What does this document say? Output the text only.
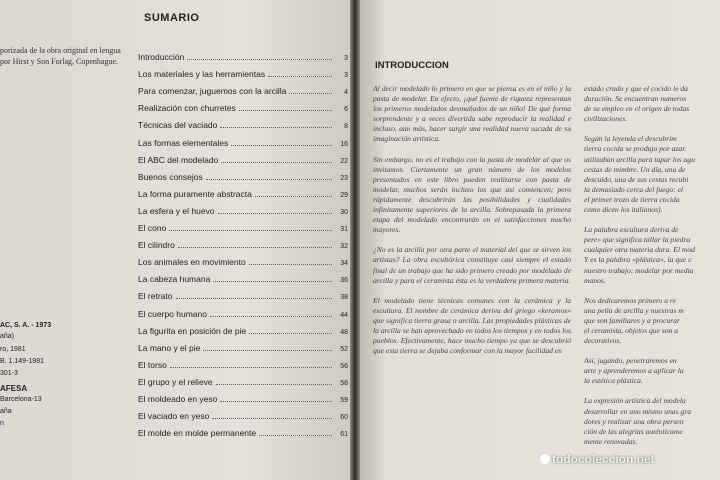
SUMARIO
porizada de la obra original en lengua
por Hirst y Son Forlag, Copenhague.
AC, S. A. - 1973
aña)
ro, 1981
B. 1.149-1981
301-3
AFESA
Barcelona-13
aña
n
Introducción	3
Los materiales y las herramientas	3
Para comenzar, juguemos con la arcilla	4
Realización con churretes	6
Técnicas del vaciado	8
Las formas elementales	16
El ABC del modelado	22
Buenos consejos	23
La forma puramente abstracta	29
La esfera y el huevo	30
El cono	31
El cilindro	32
Los animales en movimiento	34
La cabeza humana	36
El retrato	38
El cuerpo humano	44
La figurita en posición de pie	48
La mano y el pie	52
El torso	56
El grupo y el relieve	58
El moldeado en yeso	59
El vaciado en yeso	60
El molde en molde permanente	61
INTRODUCCION

Al decir modelado lo primero en que se piensa es en el niño y la pasta de modelar. En efecto, ¡qué fuente de riqueza representan los primeros modelados desmañados de un niño! De qué forma sorprendente y a veces divertida sabe reproducir la realidad e incluso, aún más, hacer surgir una realidad nueva sacada de su imaginación artística.

Sin embargo, no es el trabajo con la pasta de modelar al que os invitamos. Ciertamente un gran número de los modelos presentados en este libro pueden realizarse con pasta de modelar, muchos serán incluso los que así comiencen; pero rápidamente descubrirán las posibilidades y cualidades infinitamente superiores de la arcilla. Sobrepasada la primera etapa del modelado encontrarán en el satisfacciones mucho mayores.

¿No es la arcilla por otra parte el material del que se sirven los artistas? La obra escultórica constituye casi siempre el estado final de un trabajo que ha sido primero creado por modelado de arcilla y para el ceramista ésta es la verdadera primera materia.

El modelado tiene técnicas comunes con la cerámica y la escultura. El nombre de cerámica deriva del griego «keramos» que significa tierra grasa o arcilla. Las propiedades plásticas de la arcilla se han aprovechado en todos los tiempos y en todos los pueblos. Efectivamente, hace mucho tiempo ya que se descubrió que esta tierra se dejaba conformar con la mayor facilidad en

estado crudo y que el cocido le da
duración. Se encuentran numeros
de su empleo en el origen de todas
civilizaciones.

Según la leyenda el descubrim
tierra cocida se produjo por azar.
utilizaban arcilla para tapar los agu
cestas de mimbre. Un día, una de
descuido, una de sus cestas recubi
la demasiado cerca del fuego: el
el primer trozo de tierra cocida
como dicen los italianos).

La palabra escultura deriva de
pere» que significa tallar la piedra
cualquier otra materia dura. El mod
Y es la palabra «plástica», la que c
nuestro trabajo: modelar por media
manos.

Nos dedicaremos primero a re
una pella de arcilla y nuestras m
que son familiares y a procurar
el ceramista, objetos que son a
decorativos.

Así, jugando, penetraremos en
arte y aprenderemos a aplicar la
la estética plástica.

La expresión artística del modela
desarrollar en uno mismo unas gra
dores y realizar una obra person
ción de las alegrías auténticame
mente renovadas.

todocoleccion.net
